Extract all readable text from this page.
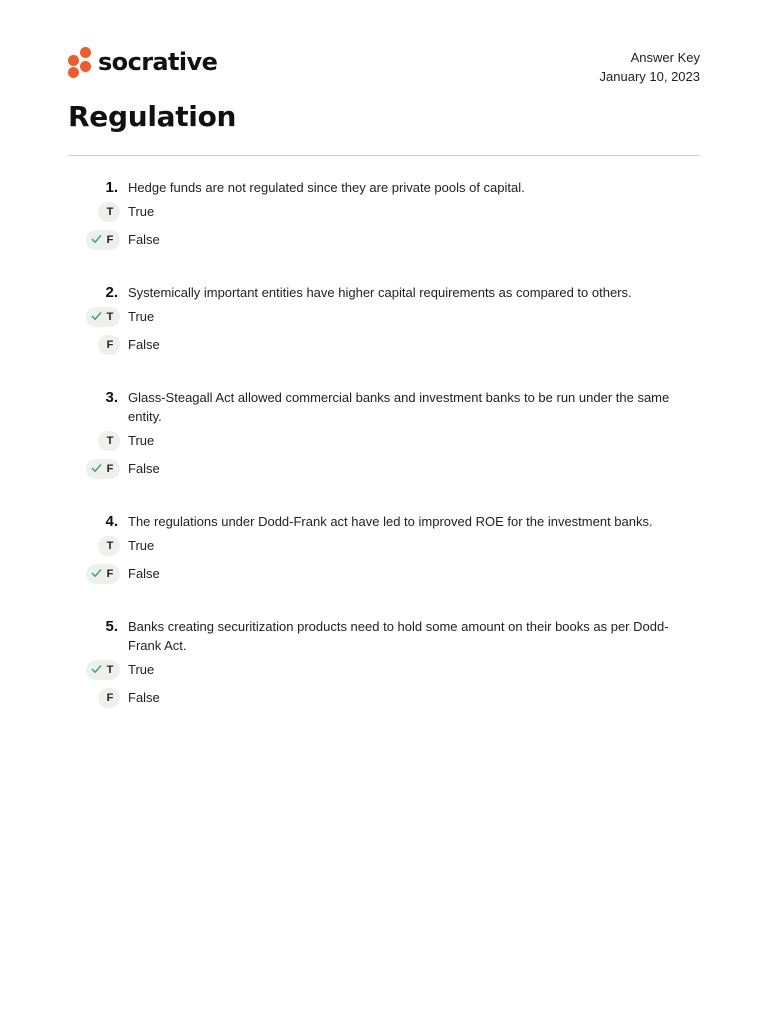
socrative	Answer Key
January 10, 2023
Regulation
1. Hedge funds are not regulated since they are private pools of capital.
T	True
F	False
2. Systemically important entities have higher capital requirements as compared to others.
T	True
F	False
3. Glass-Steagall Act allowed commercial banks and investment banks to be run under the same entity.
T	True
F	False
4. The regulations under Dodd-Frank act have led to improved ROE for the investment banks.
T	True
F	False
5. Banks creating securitization products need to hold some amount on their books as per Dodd-Frank Act.
T	True
F	False
